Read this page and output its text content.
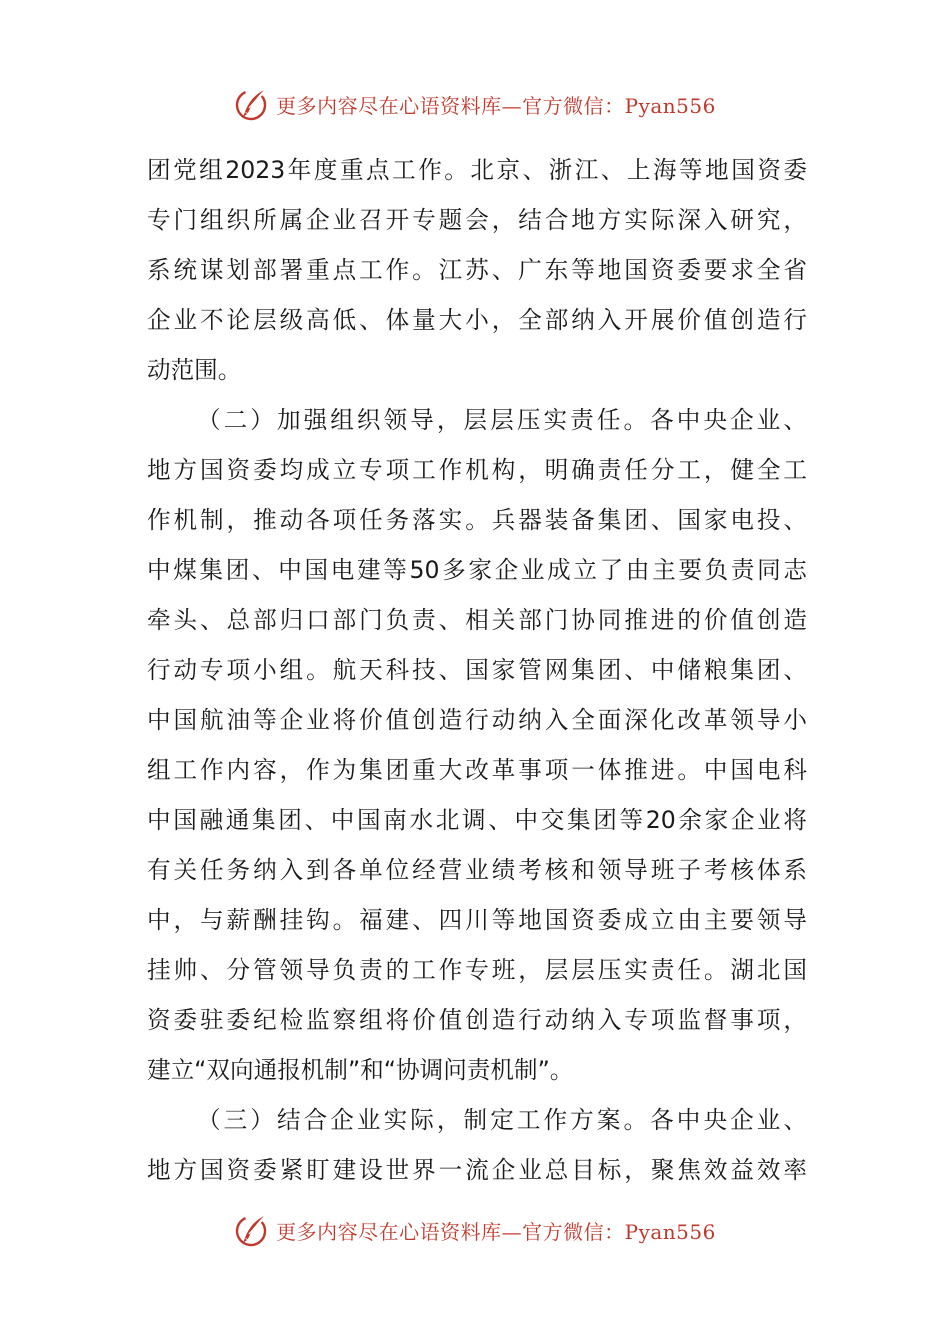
更多内容尽在心语资料库—官方微信：Pyan556
团党组2023年度重点工作。北京、浙江、上海等地国资委
专门组织所属企业召开专题会，结合地方实际深入研究，
系统谋划部署重点工作。江苏、广东等地国资委要求全省
企业不论层级高低、体量大小，全部纳入开展价值创造行
动范围。
（二）加强组织领导，层层压实责任。各中央企业、
地方国资委均成立专项工作机构，明确责任分工，健全工
作机制，推动各项任务落实。兵器装备集团、国家电投、
中煤集团、中国电建等50多家企业成立了由主要负责同志
牵头、总部归口部门负责、相关部门协同推进的价值创造
行动专项小组。航天科技、国家管网集团、中储粮集团、
中国航油等企业将价值创造行动纳入全面深化改革领导小
组工作内容，作为集团重大改革事项一体推进。中国电科
中国融通集团、中国南水北调、中交集团等20余家企业将
有关任务纳入到各单位经营业绩考核和领导班子考核体系
中，与薪酬挂钩。福建、四川等地国资委成立由主要领导
挂帅、分管领导负责的工作专班，层层压实责任。湖北国
资委驻委纪检监察组将价值创造行动纳入专项监督事项，
建立“双向通报机制”和“协调问责机制”。
（三）结合企业实际，制定工作方案。各中央企业、
地方国资委紧盯建设世界一流企业总目标，聚焦效益效率
更多内容尽在心语资料库—官方微信：Pyan556
